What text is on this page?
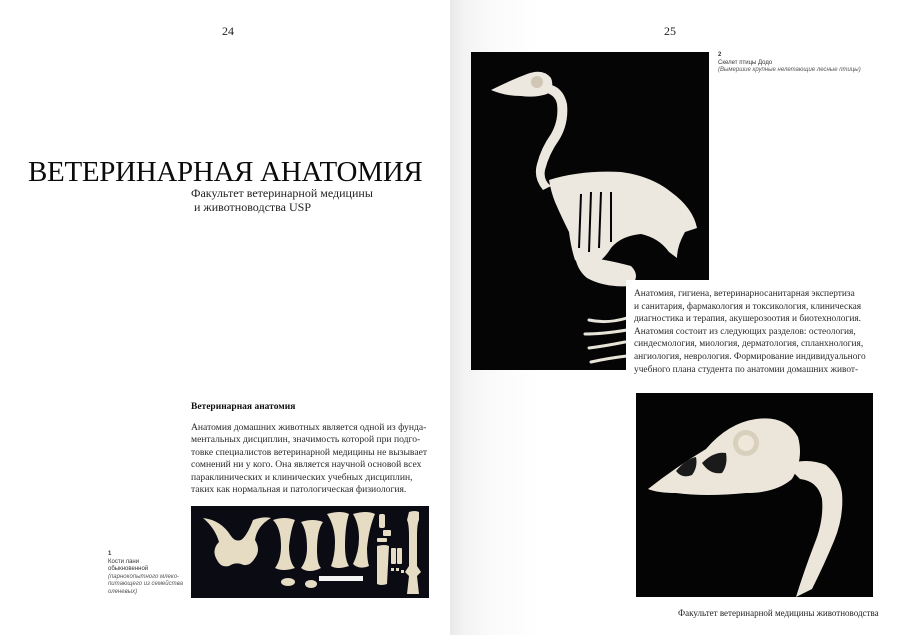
24
ВЕТЕРИНАРНАЯ АНАТОМИЯ
Факультет ветеринарной медицины
и животноводства USP
Ветеринарная анатомия
Анатомия домашних животных является одной из фунда-
ментальных дисциплин, значимость которой при подго-
товке специалистов ветеринарной медицины не вызывает
сомнений ни у кого. Она является научной основой всех
параклинических и клинических учебных дисциплин,
таких как нормальная и патологическая физиология.
1
Кости лани
обыкновенной
(парнокопытного млеко-
питающего из семейства
оленевых)
25
2
Скелет птицы Додо
(Вымершие крупные нелетающие лесные птицы)
Анатомия, гигиена, ветеринарносанитарная экспертиза
и санитария, фармакология и токсикология, клиническая
диагностика и терапия, акушерозоотия и биотехнология.
Анатомия состоит из следующих разделов: остеология,
синдесмология, миология, дерматология, спланхнология,
ангиология, неврология. Формирование индивидуального
учебного плана студента по анатомии домашних живот-
Факультет ветеринарной медицины животноводства
